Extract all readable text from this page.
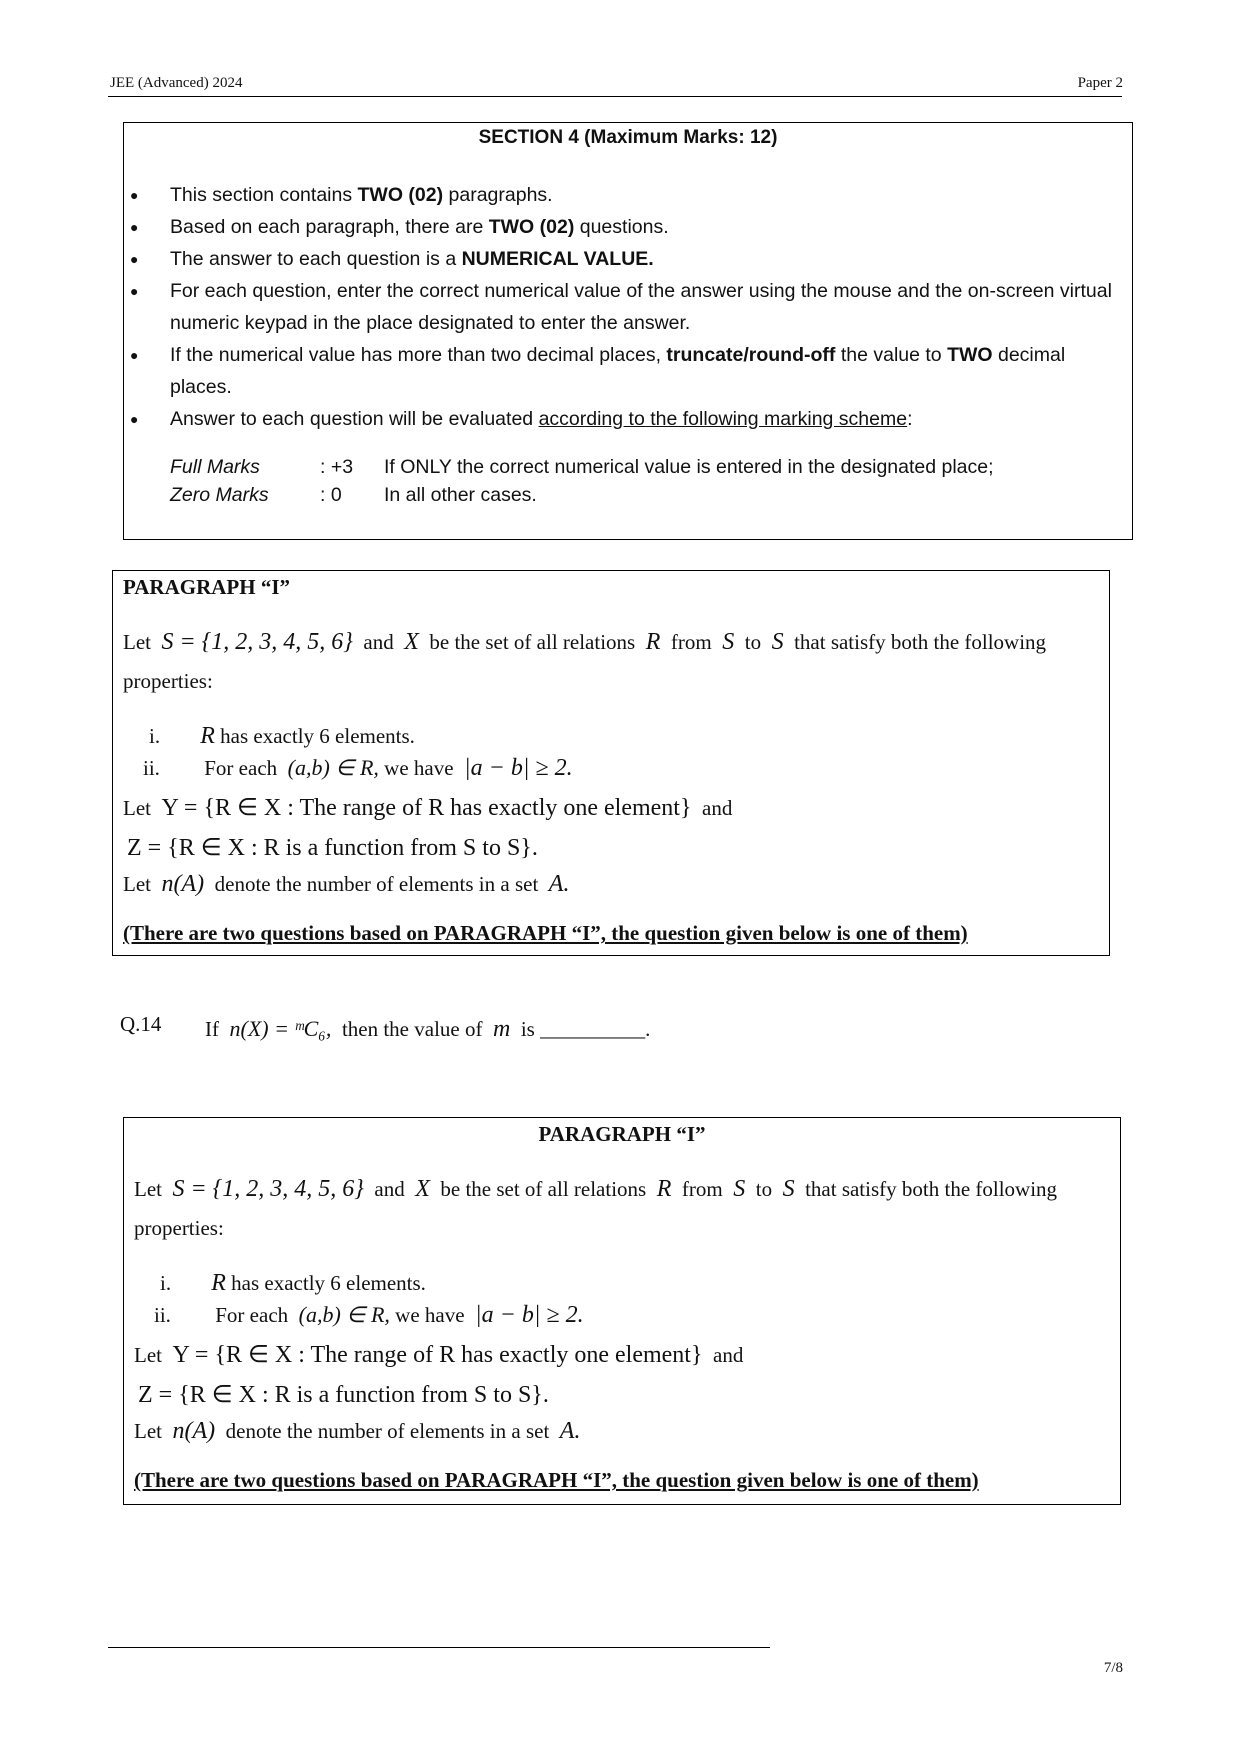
JEE (Advanced) 2024	Paper 2
SECTION 4 (Maximum Marks: 12)
● This section contains TWO (02) paragraphs.
● Based on each paragraph, there are TWO (02) questions.
● The answer to each question is a NUMERICAL VALUE.
● For each question, enter the correct numerical value of the answer using the mouse and the on-screen virtual numeric keypad in the place designated to enter the answer.
● If the numerical value has more than two decimal places, truncate/round-off the value to TWO decimal places.
● Answer to each question will be evaluated according to the following marking scheme:
Full Marks	: +3	If ONLY the correct numerical value is entered in the designated place;
Zero Marks	: 0	In all other cases.
PARAGRAPH “I”
Let S = {1, 2, 3, 4, 5, 6} and X be the set of all relations R from S to S that satisfy both the following
properties:
i. R has exactly 6 elements.
ii. For each (a,b) ∈ R, we have |a − b| ≥ 2.
Let Y = {R ∈ X : The range of R has exactly one element} and
Z = {R ∈ X : R is a function from S to S}.
Let n(A) denote the number of elements in a set A.
(There are two questions based on PARAGRAPH “I”, the question given below is one of them)
Q.14 If n(X) = ᵐC₆, then the value of m is __________.
PARAGRAPH “I”
Let S = {1, 2, 3, 4, 5, 6} and X be the set of all relations R from S to S that satisfy both the following
properties:
i. R has exactly 6 elements.
ii. For each (a,b) ∈ R, we have |a − b| ≥ 2.
Let Y = {R ∈ X : The range of R has exactly one element} and
Z = {R ∈ X : R is a function from S to S}.
Let n(A) denote the number of elements in a set A.
(There are two questions based on PARAGRAPH “I”, the question given below is one of them)
7/8
